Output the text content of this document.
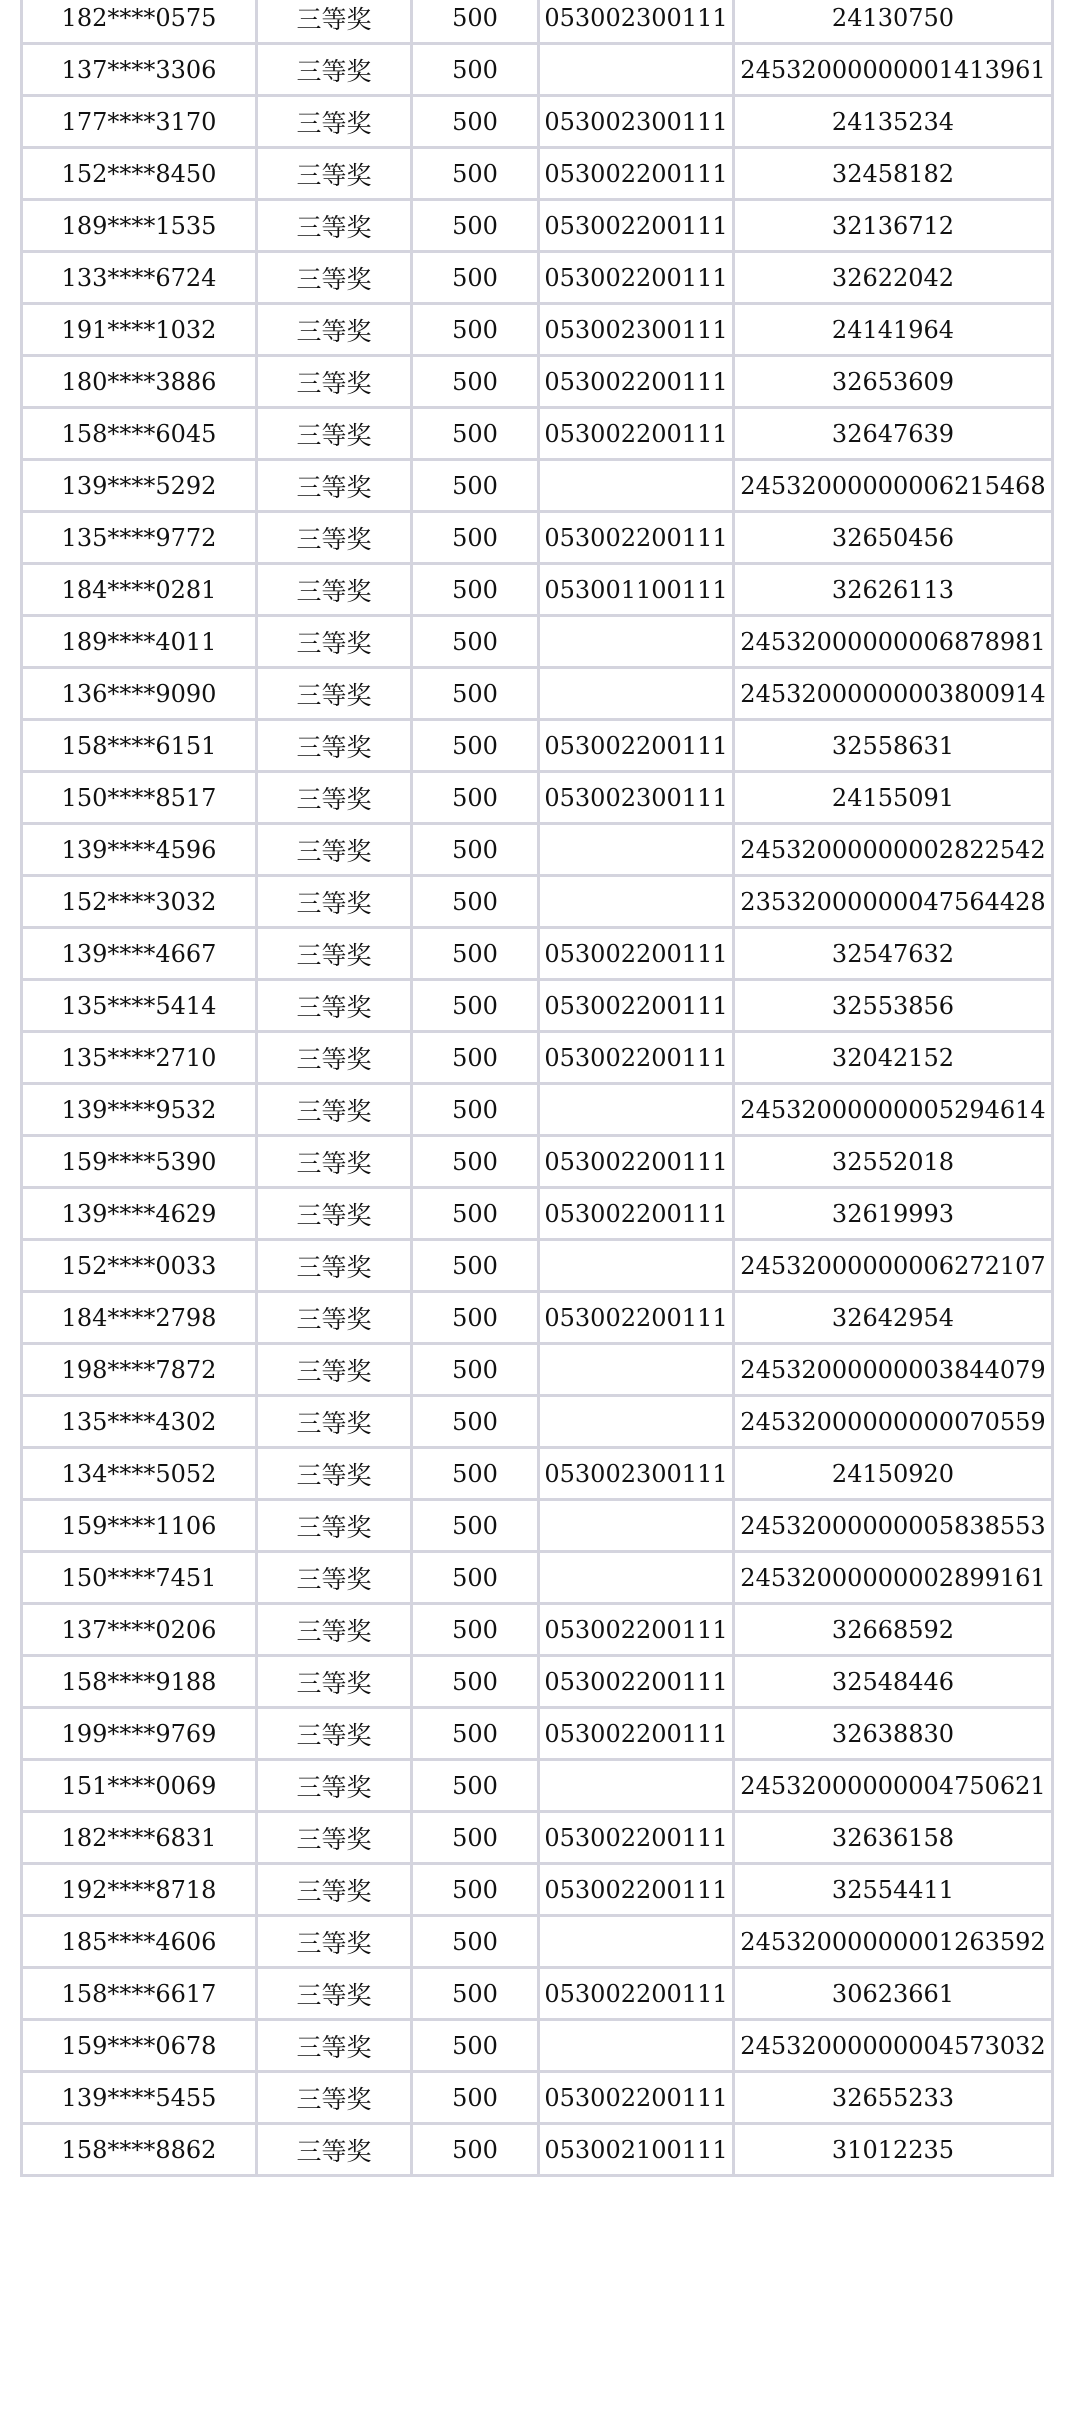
182****0575	三等奖	500	053002300111	24130750
137****3306	三等奖	500		24532000000001413961
177****3170	三等奖	500	053002300111	24135234
152****8450	三等奖	500	053002200111	32458182
189****1535	三等奖	500	053002200111	32136712
133****6724	三等奖	500	053002200111	32622042
191****1032	三等奖	500	053002300111	24141964
180****3886	三等奖	500	053002200111	32653609
158****6045	三等奖	500	053002200111	32647639
139****5292	三等奖	500		24532000000006215468
135****9772	三等奖	500	053002200111	32650456
184****0281	三等奖	500	053001100111	32626113
189****4011	三等奖	500		24532000000006878981
136****9090	三等奖	500		24532000000003800914
158****6151	三等奖	500	053002200111	32558631
150****8517	三等奖	500	053002300111	24155091
139****4596	三等奖	500		24532000000002822542
152****3032	三等奖	500		23532000000047564428
139****4667	三等奖	500	053002200111	32547632
135****5414	三等奖	500	053002200111	32553856
135****2710	三等奖	500	053002200111	32042152
139****9532	三等奖	500		24532000000005294614
159****5390	三等奖	500	053002200111	32552018
139****4629	三等奖	500	053002200111	32619993
152****0033	三等奖	500		24532000000006272107
184****2798	三等奖	500	053002200111	32642954
198****7872	三等奖	500		24532000000003844079
135****4302	三等奖	500		24532000000000070559
134****5052	三等奖	500	053002300111	24150920
159****1106	三等奖	500		24532000000005838553
150****7451	三等奖	500		24532000000002899161
137****0206	三等奖	500	053002200111	32668592
158****9188	三等奖	500	053002200111	32548446
199****9769	三等奖	500	053002200111	32638830
151****0069	三等奖	500		24532000000004750621
182****6831	三等奖	500	053002200111	32636158
192****8718	三等奖	500	053002200111	32554411
185****4606	三等奖	500		24532000000001263592
158****6617	三等奖	500	053002200111	30623661
159****0678	三等奖	500		24532000000004573032
139****5455	三等奖	500	053002200111	32655233
158****8862	三等奖	500	053002100111	31012235
